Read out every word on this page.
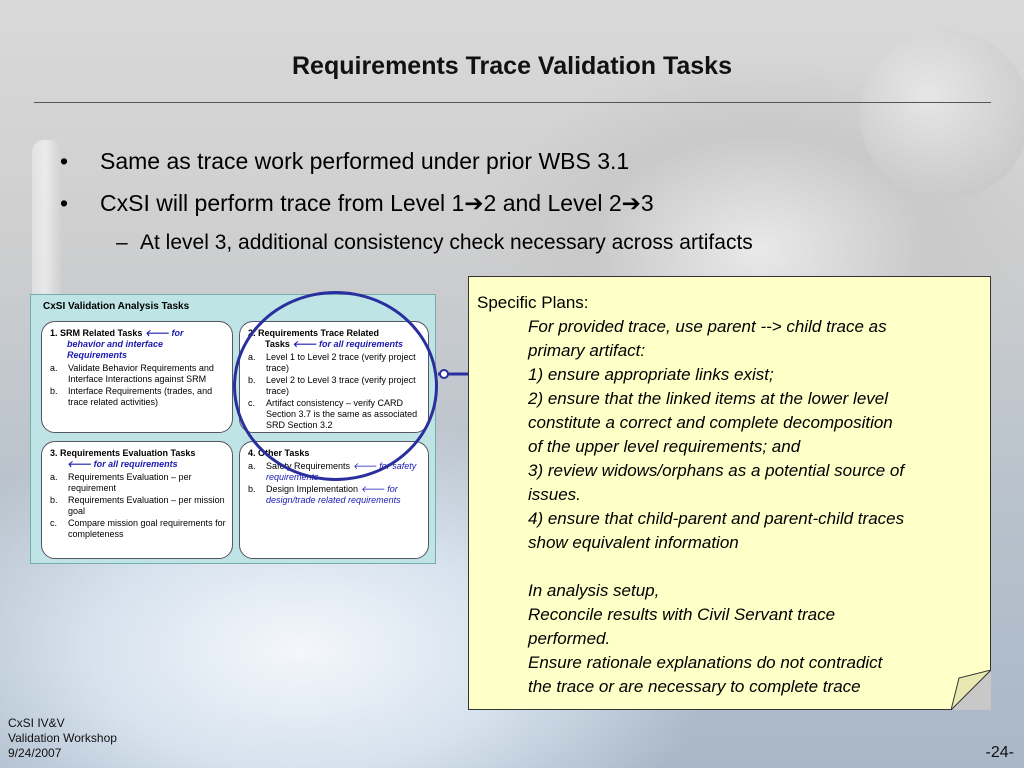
Requirements Trace Validation Tasks
• Same as trace work performed under prior WBS 3.1
• CxSI will perform trace from Level 1➔2 and Level 2➔3
– At level 3, additional consistency check necessary across artifacts
CxSI Validation Analysis Tasks
1. SRM Related Tasks 🡐 for
behavior and interface
Requirements
a. Validate Behavior Requirements and Interface Interactions against SRM
b. Interface Requirements (trades, and trace related activities)
2. Requirements Trace Related
Tasks 🡐 for all requirements
a. Level 1 to Level 2 trace (verify project trace)
b. Level 2 to Level 3 trace (verify project trace)
c. Artifact consistency – verify CARD Section 3.7 is the same as associated SRD Section 3.2
3. Requirements Evaluation Tasks
🡐 for all requirements
a. Requirements Evaluation – per requirement
b. Requirements Evaluation – per mission goal
c. Compare mission goal requirements for completeness
4. Other Tasks
a. Safety Requirements 🡐 for safety requirements
b. Design Implementation 🡐 for design/trade related requirements
Specific Plans:
For provided trace, use parent --> child trace as
primary artifact:
1) ensure appropriate links exist;
2) ensure that the linked items at the lower level
constitute a correct and complete decomposition
of the upper level requirements; and
3) review widows/orphans as a potential source of
issues.
4) ensure that child-parent and parent-child traces
show equivalent information
In analysis setup,
Reconcile results with Civil Servant trace
performed.
Ensure rationale explanations do not contradict
the trace or are necessary to complete trace
CxSI IV&V
Validation Workshop
9/24/2007	-24-
